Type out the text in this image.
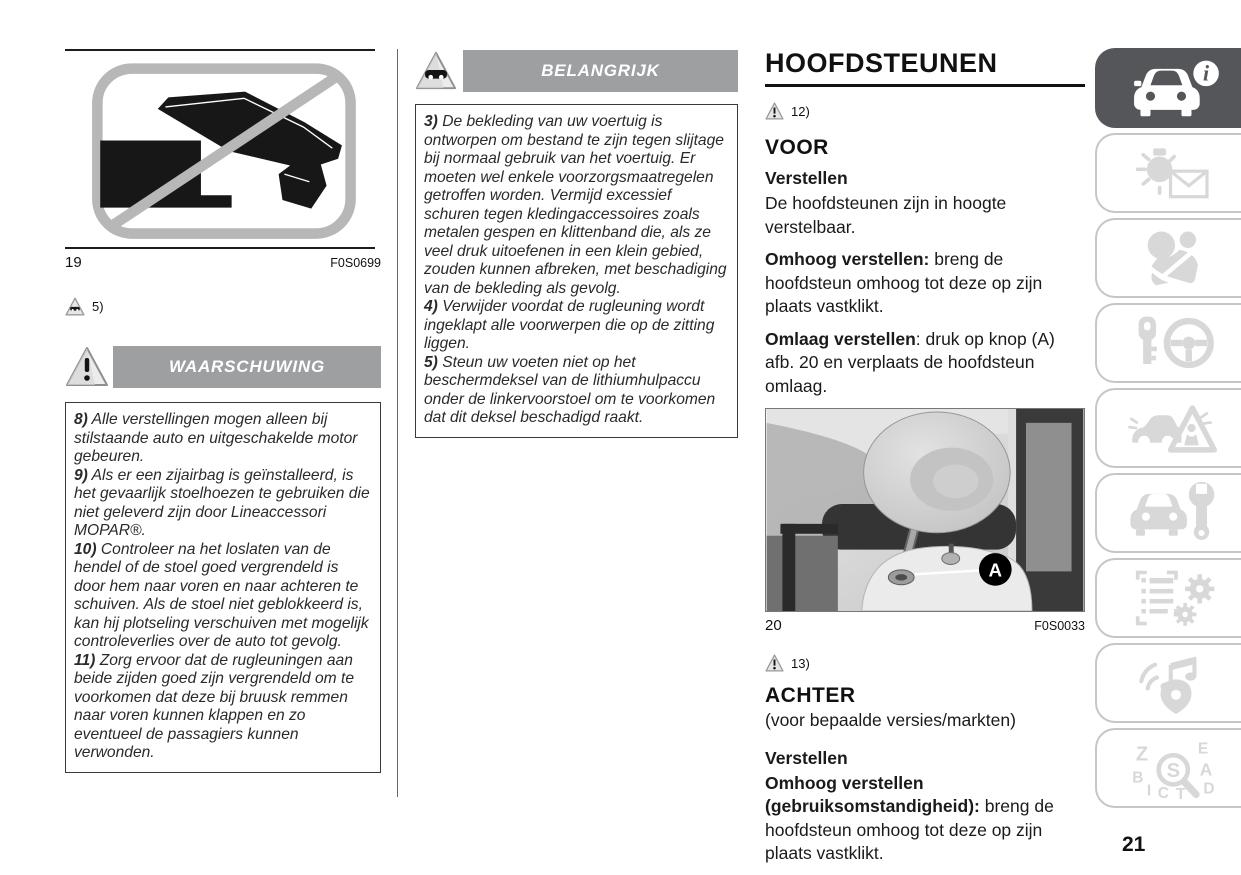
19	F0S0699
5)
WAARSCHUWING

8) Alle verstellingen mogen alleen bij stilstaande auto en uitgeschakelde motor gebeuren.

9) Als er een zijairbag is geïnstalleerd, is het gevaarlijk stoelhoezen te gebruiken die niet geleverd zijn door Lineaccessori MOPAR®.

10) Controleer na het loslaten van de hendel of de stoel goed vergrendeld is door hem naar voren en naar achteren te schuiven. Als de stoel niet geblokkeerd is, kan hij plotseling verschuiven met mogelijk controleverlies over de auto tot gevolg.

11) Zorg ervoor dat de rugleuningen aan beide zijden goed zijn vergrendeld om te voorkomen dat deze bij bruusk remmen naar voren kunnen klappen en zo eventueel de passagiers kunnen verwonden.

BELANGRIJK

3) De bekleding van uw voertuig is ontworpen om bestand te zijn tegen slijtage bij normaal gebruik van het voertuig. Er moeten wel enkele voorzorgsmaatregelen getroffen worden. Vermijd excessief schuren tegen kledingaccessoires zoals metalen gespen en klittenband die, als ze veel druk uitoefenen in een klein gebied, zouden kunnen afbreken, met beschadiging van de bekleding als gevolg.

4) Verwijder voordat de rugleuning wordt ingeklapt alle voorwerpen die op de zitting liggen.

5) Steun uw voeten niet op het beschermdeksel van de lithiumhulpaccu onder de linkervoorstoel om te voorkomen dat dit deksel beschadigd raakt.

HOOFDSTEUNEN
12)
VOOR
Verstellen

De hoofdsteunen zijn in hoogte verstelbaar.

Omhoog verstellen: breng de hoofdsteun omhoog tot deze op zijn plaats vastklikt.

Omlaag verstellen: druk op knop (A) afb. 20 en verplaats de hoofdsteun omlaag.

A
20	F0S0033
13)
ACHTER

(voor bepaalde versies/markten)

Verstellen

Omhoog verstellen (gebruiksomstandigheid): breng de hoofdsteun omhoog tot deze op zijn plaats vastklikt.

i
Z	E
B	A
D
I C T
S
21
